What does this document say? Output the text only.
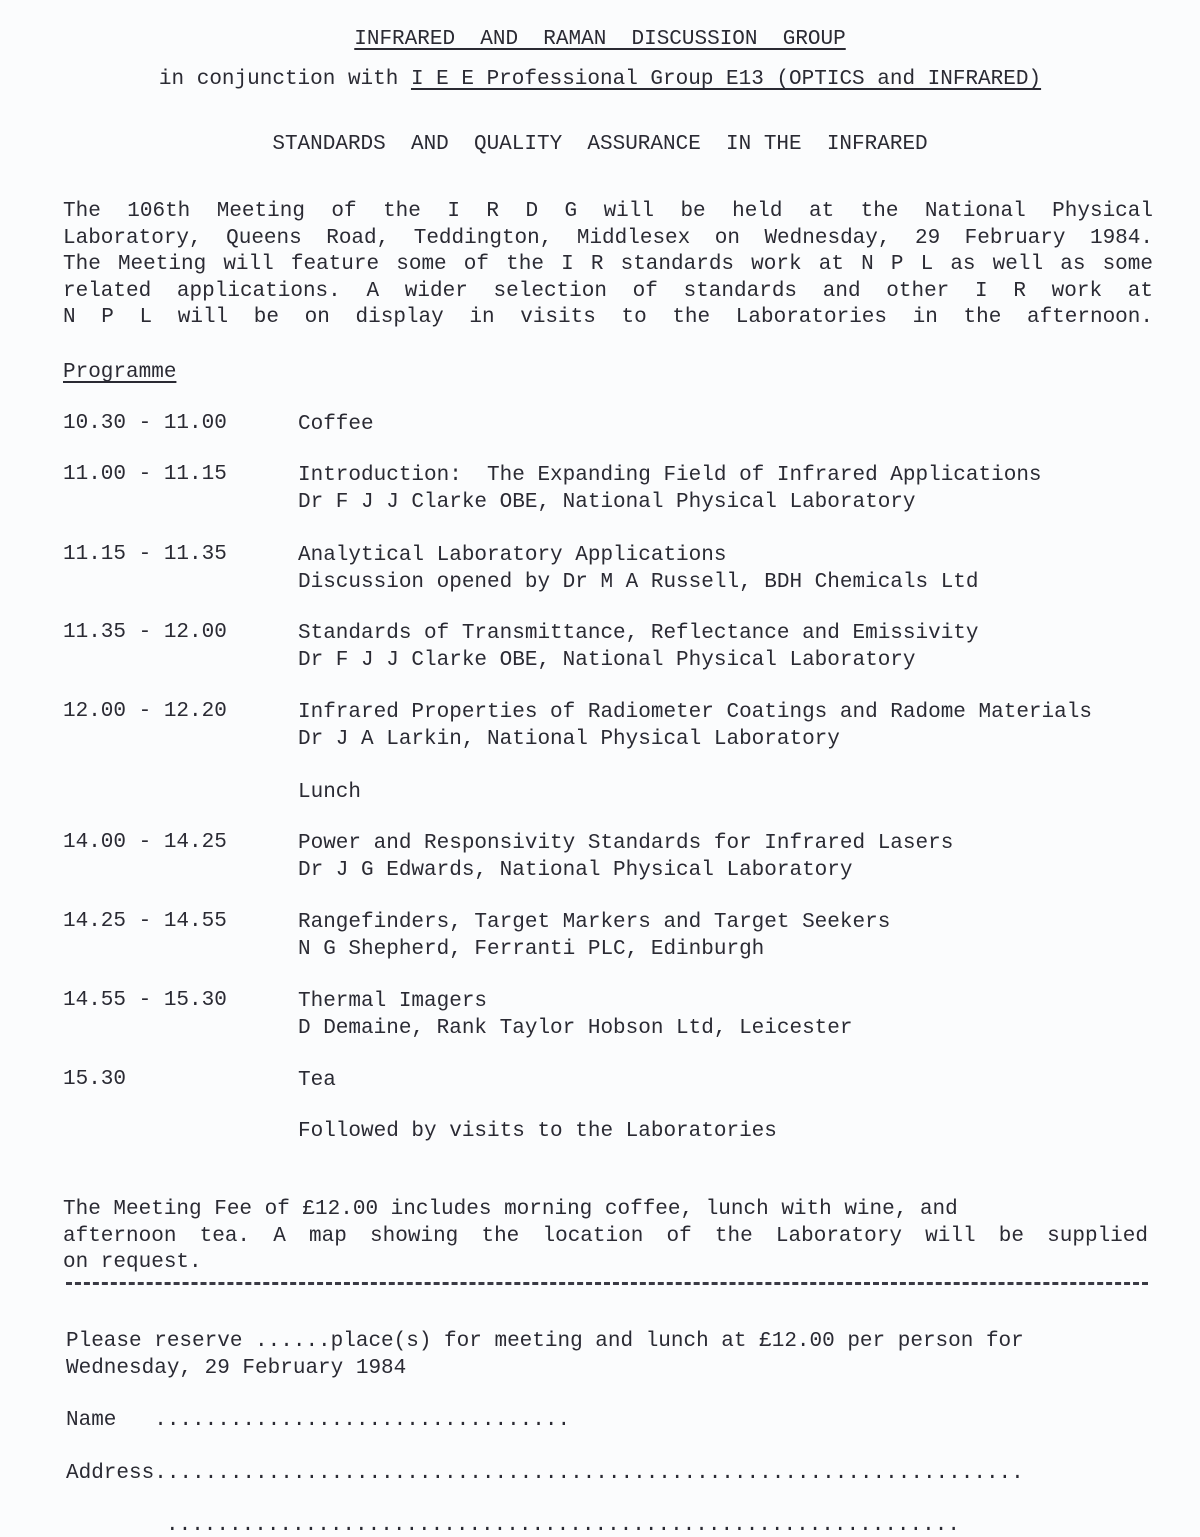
INFRARED  AND  RAMAN  DISCUSSION  GROUP
in conjunction with I E E Professional Group E13 (OPTICS and INFRARED)
STANDARDS  AND  QUALITY  ASSURANCE  IN THE  INFRARED
The 106th Meeting of the I R D G will be held at the National Physical
Laboratory, Queens Road, Teddington, Middlesex on Wednesday, 29 February 1984.
The Meeting will feature some of the I R standards work at N P L as well as some
related applications. A wider selection of standards and other I R work at
N P L will be on display in visits to the Laboratories in the afternoon.
Programme
10.30 - 11.00	Coffee
11.00 - 11.15	Introduction:  The Expanding Field of Infrared Applications
Dr F J J Clarke OBE, National Physical Laboratory
11.15 - 11.35	Analytical Laboratory Applications
Discussion opened by Dr M A Russell, BDH Chemicals Ltd
11.35 - 12.00	Standards of Transmittance, Reflectance and Emissivity
Dr F J J Clarke OBE, National Physical Laboratory
12.00 - 12.20	Infrared Properties of Radiometer Coatings and Radome Materials
Dr J A Larkin, National Physical Laboratory
Lunch
14.00 - 14.25	Power and Responsivity Standards for Infrared Lasers
Dr J G Edwards, National Physical Laboratory
14.25 - 14.55	Rangefinders, Target Markers and Target Seekers
N G Shepherd, Ferranti PLC, Edinburgh
14.55 - 15.30	Thermal Imagers
D Demaine, Rank Taylor Hobson Ltd, Leicester
15.30	Tea
Followed by visits to the Laboratories
The Meeting Fee of £12.00 includes morning coffee, lunch with wine, and
afternoon tea. A map showing the location of the Laboratory will be supplied
on request.
Please reserve ......place(s) for meeting and lunch at £12.00 per person for
Wednesday, 29 February 1984
Name   .................................
Address.....................................................................
...............................................................
